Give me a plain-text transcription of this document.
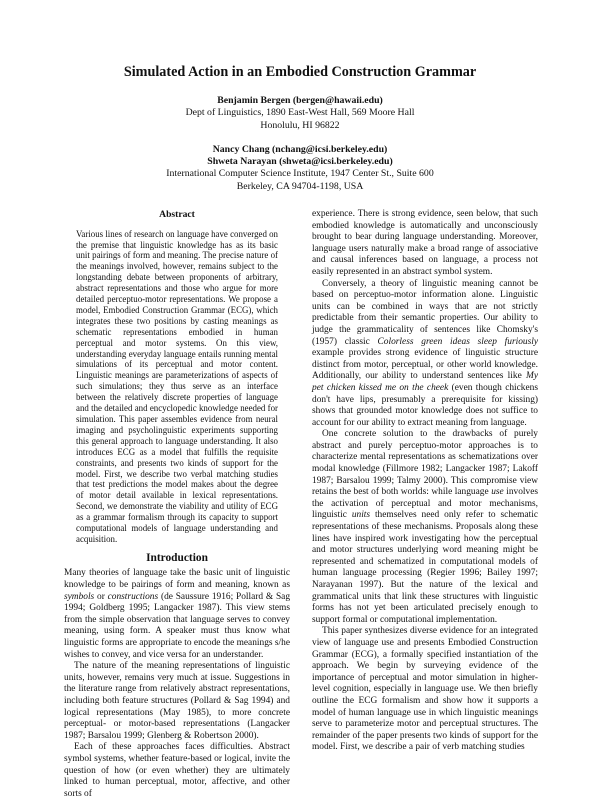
Simulated Action in an Embodied Construction Grammar
Benjamin Bergen (bergen@hawaii.edu)
Dept of Linguistics, 1890 East-West Hall, 569 Moore Hall
Honolulu, HI 96822
Nancy Chang (nchang@icsi.berkeley.edu)
Shweta Narayan (shweta@icsi.berkeley.edu)
International Computer Science Institute, 1947 Center St., Suite 600
Berkeley, CA 94704-1198, USA
Abstract

Various lines of research on language have converged on the premise that linguistic knowledge has as its basic unit pairings of form and meaning. The precise nature of the meanings involved, however, remains subject to the longstanding debate between proponents of arbitrary, abstract representations and those who argue for more detailed perceptuo-motor representations. We propose a model, Embodied Construction Grammar (ECG), which integrates these two positions by casting meanings as schematic representations embodied in human perceptual and motor systems. On this view, understanding everyday language entails running mental simulations of its perceptual and motor content. Linguistic meanings are parameterizations of aspects of such simulations; they thus serve as an interface between the relatively discrete properties of language and the detailed and encyclopedic knowledge needed for simulation. This paper assembles evidence from neural imaging and psycholinguistic experiments supporting this general approach to language understanding. It also introduces ECG as a model that fulfills the requisite constraints, and presents two kinds of support for the model. First, we describe two verbal matching studies that test predictions the model makes about the degree of motor detail available in lexical representations. Second, we demonstrate the viability and utility of ECG as a grammar formalism through its capacity to support computational models of language understanding and acquisition.

Introduction

Many theories of language take the basic unit of linguistic knowledge to be pairings of form and meaning, known as symbols or constructions (de Saussure 1916; Pollard & Sag 1994; Goldberg 1995; Langacker 1987). This view stems from the simple observation that language serves to convey meaning, using form. A speaker must thus know what linguistic forms are appropriate to encode the meanings s/he wishes to convey, and vice versa for an understander.

The nature of the meaning representations of linguistic units, however, remains very much at issue. Suggestions in the literature range from relatively abstract representations, including both feature structures (Pollard & Sag 1994) and logical representations (May 1985), to more concrete perceptual- or motor-based representations (Langacker 1987; Barsalou 1999; Glenberg & Robertson 2000).

Each of these approaches faces difficulties. Abstract symbol systems, whether feature-based or logical, invite the question of how (or even whether) they are ultimately linked to human perceptual, motor, affective, and other sorts of

experience. There is strong evidence, seen below, that such embodied knowledge is automatically and unconsciously brought to bear during language understanding. Moreover, language users naturally make a broad range of associative and causal inferences based on language, a process not easily represented in an abstract symbol system.

Conversely, a theory of linguistic meaning cannot be based on perceptuo-motor information alone. Linguistic units can be combined in ways that are not strictly predictable from their semantic properties. Our ability to judge the grammaticality of sentences like Chomsky's (1957) classic Colorless green ideas sleep furiously example provides strong evidence of linguistic structure distinct from motor, perceptual, or other world knowledge. Additionally, our ability to understand sentences like My pet chicken kissed me on the cheek (even though chickens don't have lips, presumably a prerequisite for kissing) shows that grounded motor knowledge does not suffice to account for our ability to extract meaning from language.

One concrete solution to the drawbacks of purely abstract and purely perceptuo-motor approaches is to characterize mental representations as schematizations over modal knowledge (Fillmore 1982; Langacker 1987; Lakoff 1987; Barsalou 1999; Talmy 2000). This compromise view retains the best of both worlds: while language use involves the activation of perceptual and motor mechanisms, linguistic units themselves need only refer to schematic representations of these mechanisms. Proposals along these lines have inspired work investigating how the perceptual and motor structures underlying word meaning might be represented and schematized in computational models of human language processing (Regier 1996; Bailey 1997; Narayanan 1997). But the nature of the lexical and grammatical units that link these structures with linguistic forms has not yet been articulated precisely enough to support formal or computational implementation.

This paper synthesizes diverse evidence for an integrated view of language use and presents Embodied Construction Grammar (ECG), a formally specified instantiation of the approach. We begin by surveying evidence of the importance of perceptual and motor simulation in higher-level cognition, especially in language use. We then briefly outline the ECG formalism and show how it supports a model of human language use in which linguistic meanings serve to parameterize motor and perceptual structures. The remainder of the paper presents two kinds of support for the model. First, we describe a pair of verb matching studies
